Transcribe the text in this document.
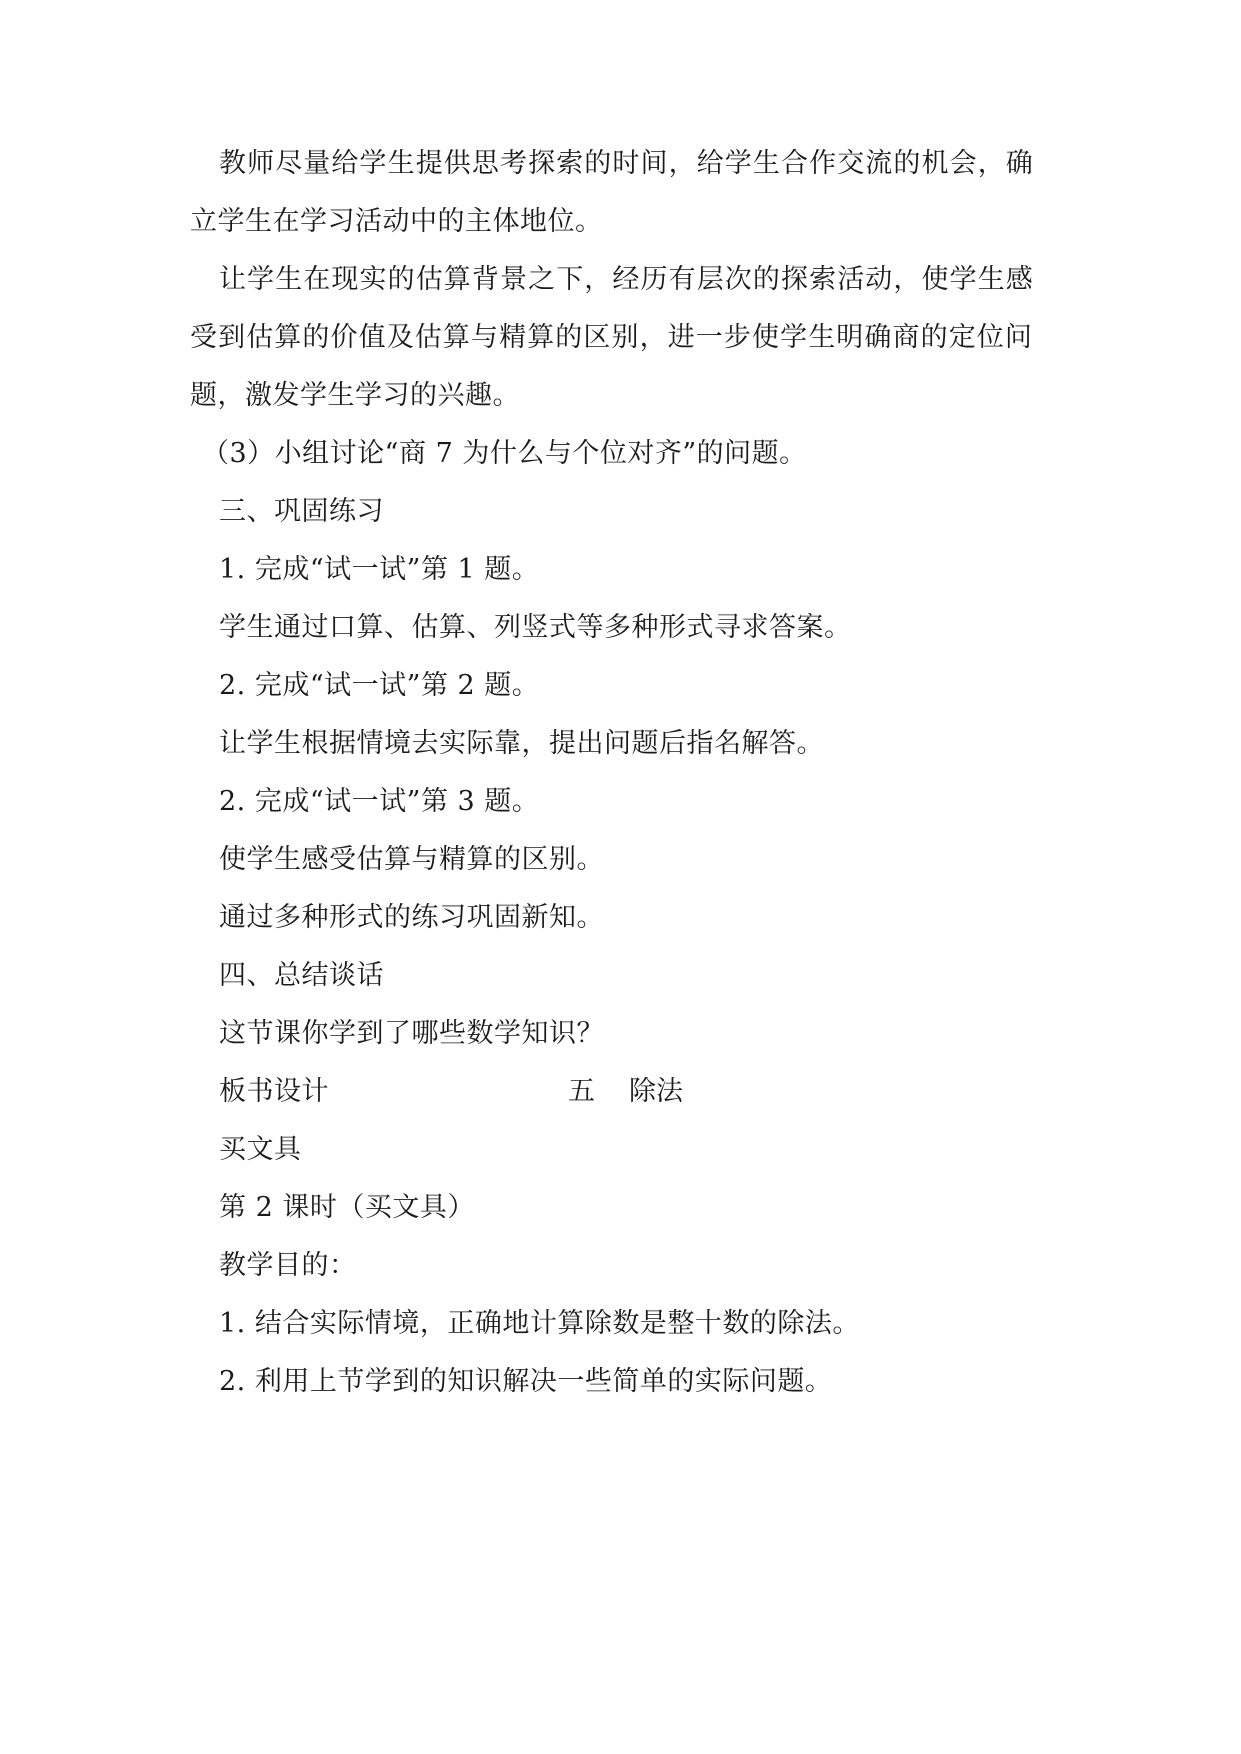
教师尽量给学生提供思考探索的时间，给学生合作交流的机会，确
立学生在学习活动中的主体地位。
让学生在现实的估算背景之下，经历有层次的探索活动，使学生感
受到估算的价值及估算与精算的区别，进一步使学生明确商的定位问
题，激发学生学习的兴趣。
（3）小组讨论“商 7 为什么与个位对齐”的问题。
三、巩固练习
1. 完成“试一试”第 1 题。
学生通过口算、估算、列竖式等多种形式寻求答案。
2. 完成“试一试”第 2 题。
让学生根据情境去实际靠，提出问题后指名解答。
2. 完成“试一试”第 3 题。
使学生感受估算与精算的区别。
通过多种形式的练习巩固新知。
四、总结谈话
这节课你学到了哪些数学知识？
板书设计	五 除法
买文具
第 2 课时（买文具）
教学目的：
1. 结合实际情境，正确地计算除数是整十数的除法。
2. 利用上节学到的知识解决一些简单的实际问题。
